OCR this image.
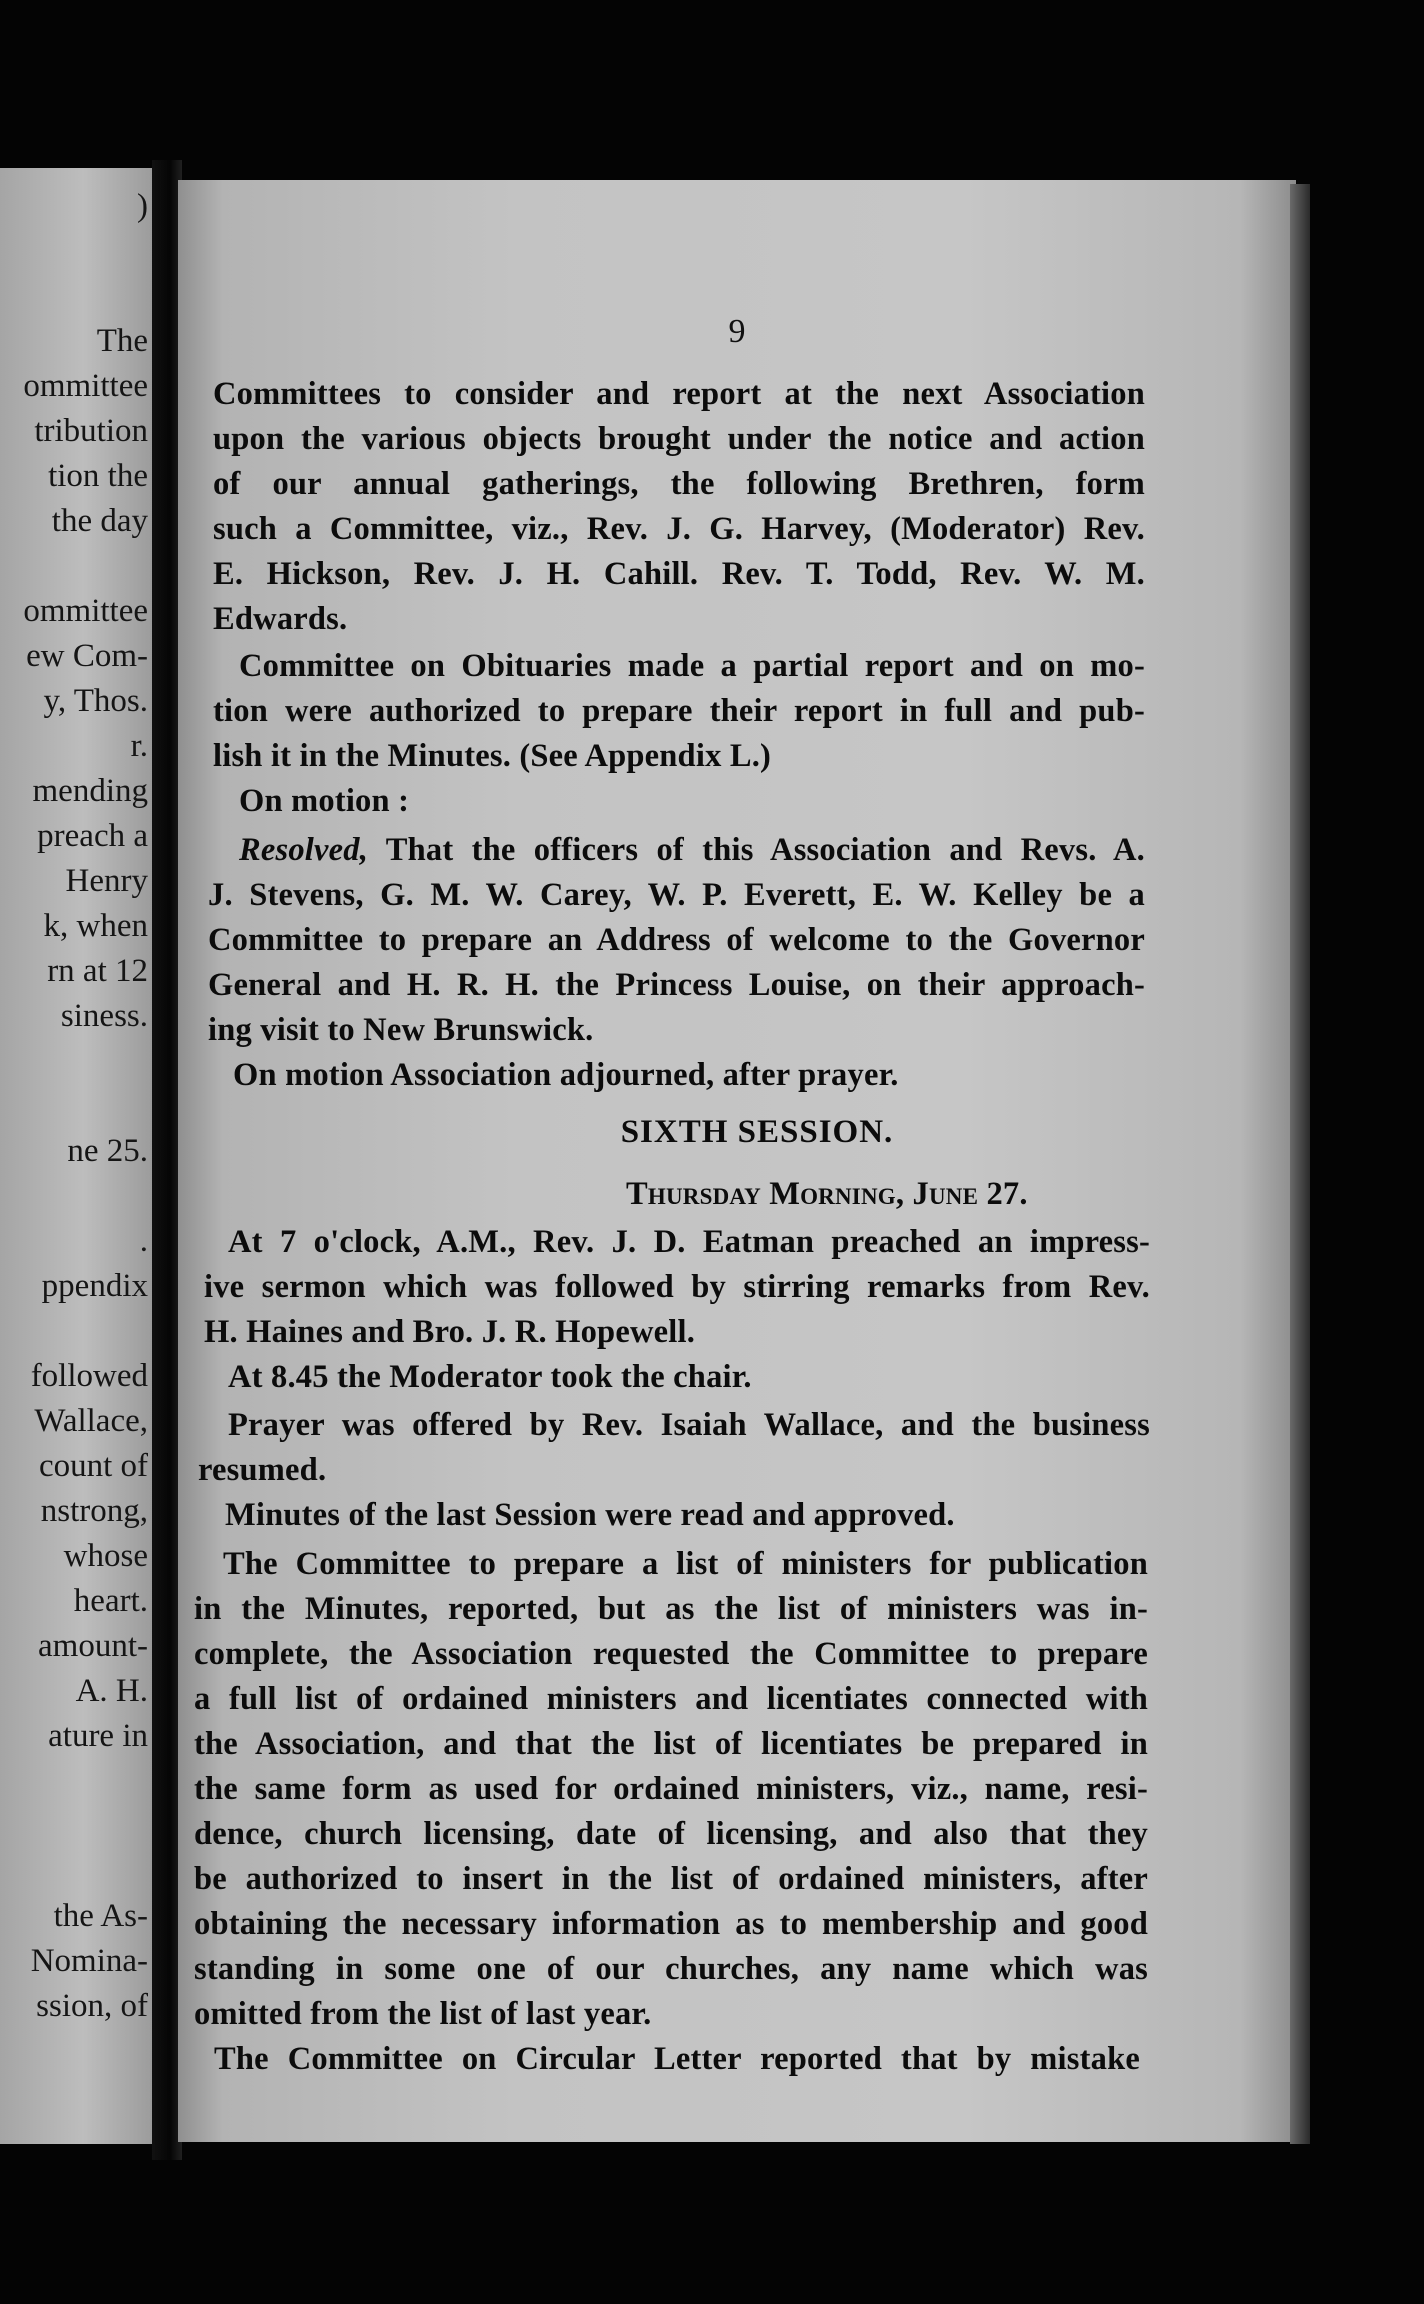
)
The
ommittee
tribution
tion the
the day
ommittee
ew Com-
y, Thos.
r.
mending
preach a
Henry
k, when
rn at 12
siness.
ne 25.
.
ppendix
followed
Wallace,
count of
nstrong,
whose
heart.
amount-
A. H.
ature in
the As-
Nomina-
ssion, of
9
Committees to consider and report at the next Association
upon the various objects brought under the notice and action
of our annual gatherings, the following Brethren, form
such a Committee, viz., Rev. J. G. Harvey, (Moderator) Rev.
E. Hickson, Rev. J. H. Cahill. Rev. T. Todd, Rev. W. M.
Edwards.
Committee on Obituaries made a partial report and on mo-
tion were authorized to prepare their report in full and pub-
lish it in the Minutes. (See Appendix L.)
On motion :
Resolved, That the officers of this Association and Revs. A.
J. Stevens, G. M. W. Carey, W. P. Everett, E. W. Kelley be a
Committee to prepare an Address of welcome to the Governor
General and H. R. H. the Princess Louise, on their approach-
ing visit to New Brunswick.
On motion Association adjourned, after prayer.
SIXTH SESSION.
Thursday Morning, June 27.
At 7 o'clock, A.M., Rev. J. D. Eatman preached an impress-
ive sermon which was followed by stirring remarks from Rev.
H. Haines and Bro. J. R. Hopewell.
At 8.45 the Moderator took the chair.
Prayer was offered by Rev. Isaiah Wallace, and the business
resumed.
Minutes of the last Session were read and approved.
The Committee to prepare a list of ministers for publication
in the Minutes, reported, but as the list of ministers was in-
complete, the Association requested the Committee to prepare
a full list of ordained ministers and licentiates connected with
the Association, and that the list of licentiates be prepared in
the same form as used for ordained ministers, viz., name, resi-
dence, church licensing, date of licensing, and also that they
be authorized to insert in the list of ordained ministers, after
obtaining the necessary information as to membership and good
standing in some one of our churches, any name which was
omitted from the list of last year.
The Committee on Circular Letter reported that by mistake
